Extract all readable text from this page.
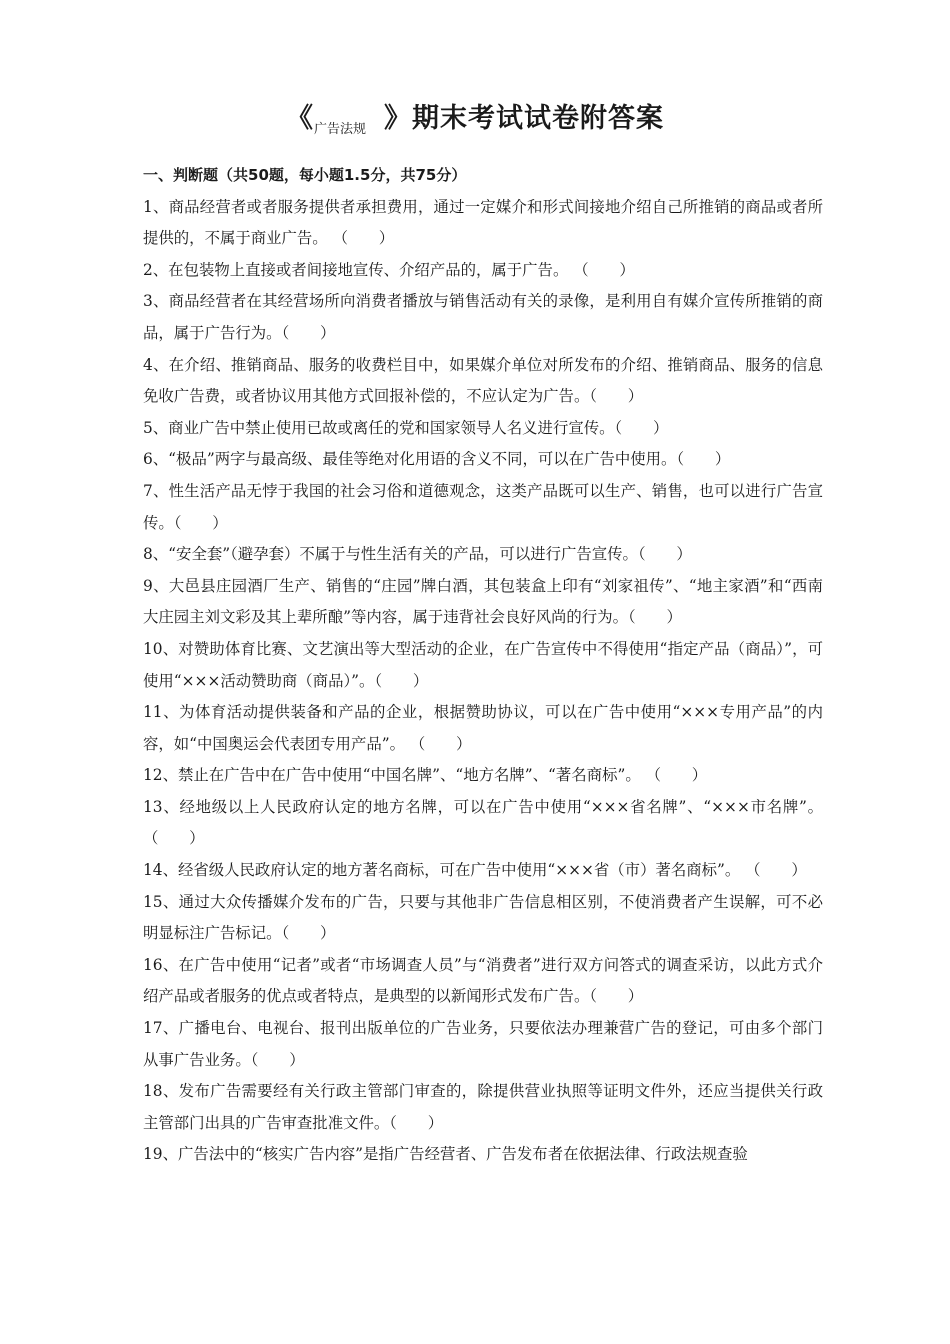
《$_{广告法规}$ 》期末考试试卷附答案
一、判断题（共50题，每小题1.5分，共75分）

1、商品经营者或者服务提供者承担费用，通过一定媒介和形式间接地介绍自己所推销的商品或者所提供的，不属于商业广告。 （　　）

2、在包装物上直接或者间接地宣传、介绍产品的，属于广告。 （　　）

3、商品经营者在其经营场所向消费者播放与销售活动有关的录像，是利用自有媒介宣传所推销的商品，属于广告行为。（　　）

4、在介绍、推销商品、服务的收费栏目中，如果媒介单位对所发布的介绍、推销商品、服务的信息免收广告费，或者协议用其他方式回报补偿的，不应认定为广告。（　　）

5、商业广告中禁止使用已故或离任的党和国家领导人名义进行宣传。（　　）

6、“极品”两字与最高级、最佳等绝对化用语的含义不同，可以在广告中使用。（　　）

7、性生活产品无悖于我国的社会习俗和道德观念，这类产品既可以生产、销售，也可以进行广告宣传。（　　）

8、“安全套”（避孕套）不属于与性生活有关的产品，可以进行广告宣传。（　　）

9、大邑县庄园酒厂生产、销售的“庄园”牌白酒，其包装盒上印有“刘家祖传”、“地主家酒”和“西南大庄园主刘文彩及其上辈所酿”等内容，属于违背社会良好风尚的行为。（　　）

10、对赞助体育比赛、文艺演出等大型活动的企业，在广告宣传中不得使用“指定产品（商品）”，可使用“×××活动赞助商（商品）”。（　　）

11、为体育活动提供装备和产品的企业，根据赞助协议，可以在广告中使用“×××专用产品”的内容，如“中国奥运会代表团专用产品”。 （　　）

12、禁止在广告中在广告中使用“中国名牌”、“地方名牌”、“著名商标”。 （　　）

13、经地级以上人民政府认定的地方名牌，可以在广告中使用“×××省名牌”、“×××市名牌”。 （　　）

14、经省级人民政府认定的地方著名商标，可在广告中使用“×××省（市）著名商标”。 （　　）

15、通过大众传播媒介发布的广告，只要与其他非广告信息相区别，不使消费者产生误解，可不必明显标注广告标记。（　　）

16、在广告中使用“记者”或者“市场调查人员”与“消费者”进行双方问答式的调查采访，以此方式介绍产品或者服务的优点或者特点，是典型的以新闻形式发布广告。（　　）

17、广播电台、电视台、报刊出版单位的广告业务，只要依法办理兼营广告的登记，可由多个部门从事广告业务。（　　）

18、发布广告需要经有关行政主管部门审查的，除提供营业执照等证明文件外，还应当提供关行政主管部门出具的广告审查批准文件。（　　）

19、广告法中的“核实广告内容”是指广告经营者、广告发布者在依据法律、行政法规查验
